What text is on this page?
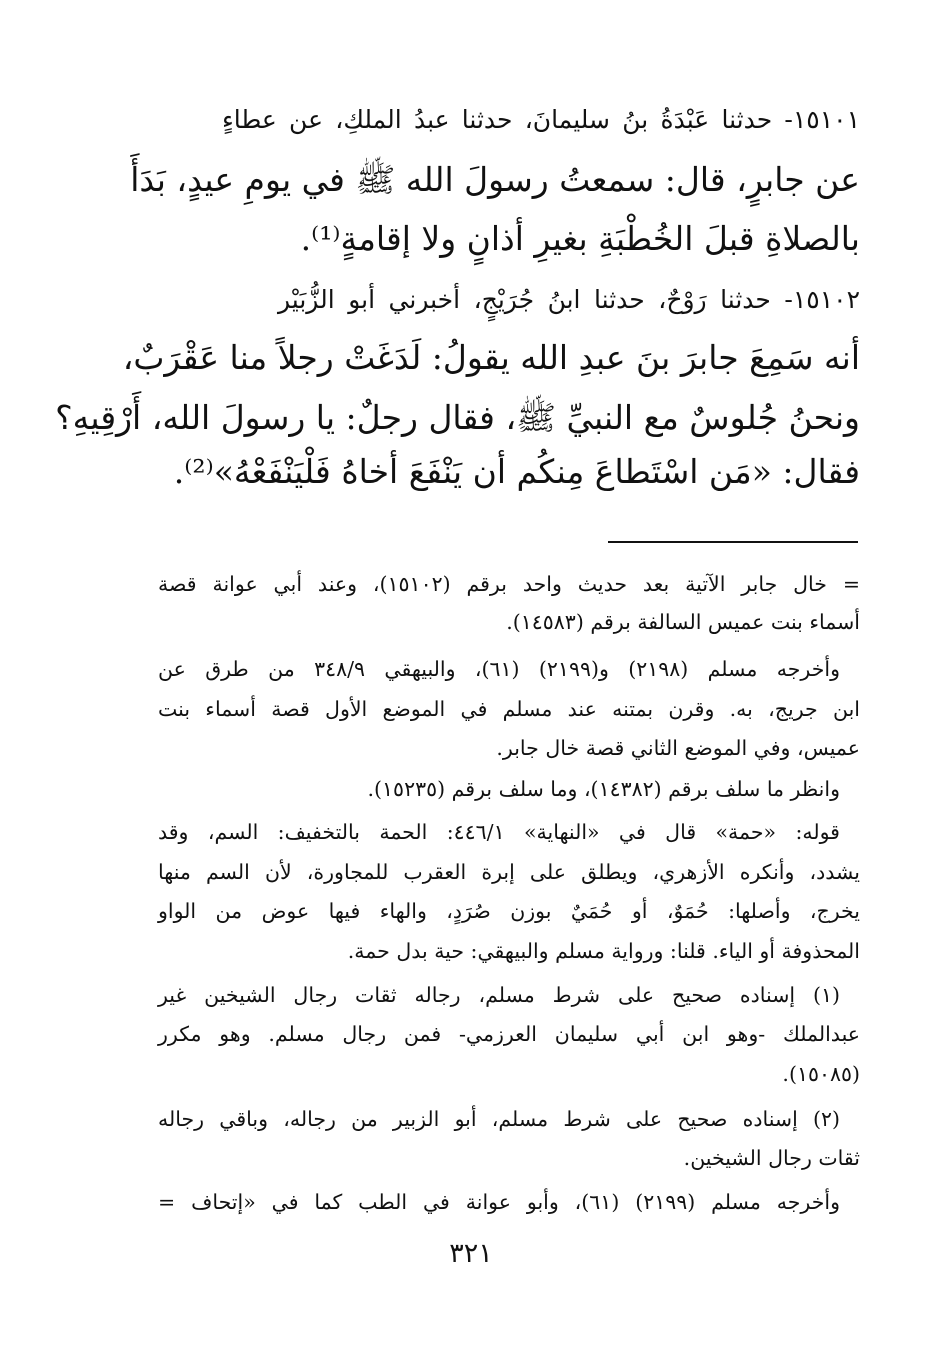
١٥١٠١- حدثنا عَبْدَةُ بنُ سليمانَ، حدثنا عبدُ الملكِ، عن عطاءٍ
عن جابرٍ، قال: سمعتُ رسولَ الله ﷺ في يومِ عيدٍ، بَدَأَ
بالصلاةِ قبلَ الخُطْبَةِ بغيرِ أذانٍ ولا إقامةٍ⁽¹⁾.
١٥١٠٢- حدثنا رَوْحٌ، حدثنا ابنُ جُرَيْجٍ، أخبرني أبو الزُّبَيْر
أنه سَمِعَ جابرَ بنَ عبدِ الله يقولُ: لَدَغَتْ رجلاً منا عَقْرَبٌ،
ونحنُ جُلوسٌ مع النبيِّ ﷺ، فقال رجلٌ: يا رسولَ الله، أَرْقِيهِ؟
فقال: «مَن اسْتَطاعَ مِنكُم أن يَنْفَعَ أخاهُ فَلْيَنْفَعْهُ»⁽²⁾.
= خال جابر الآتية بعد حديث واحد برقم (١٥١٠٢)، وعند أبي عوانة قصة
أسماء بنت عميس السالفة برقم (١٤٥٨٣).
وأخرجه مسلم (٢١٩٨) و(٢١٩٩) (٦١)، والبيهقي ٣٤٨/٩ من طرق عن
ابن جريج، به. وقرن بمتنه عند مسلم في الموضع الأول قصة أسماء بنت
عميس، وفي الموضع الثاني قصة خال جابر.
وانظر ما سلف برقم (١٤٣٨٢)، وما سلف برقم (١٥٢٣٥).
قوله: «حمة» قال في «النهاية» ٤٤٦/١: الحمة بالتخفيف: السم، وقد
يشدد، وأنكره الأزهري، ويطلق على إبرة العقرب للمجاورة، لأن السم منها
يخرج، وأصلها: حُمَوٌ، أو حُمَيٌ بوزن صُرَدٍ، والهاء فيها عوض من الواو
المحذوفة أو الياء. قلنا: ورواية مسلم والبيهقي: حية بدل حمة.
(١) إسناده صحيح على شرط مسلم، رجاله ثقات رجال الشيخين غير
عبدالملك -وهو ابن أبي سليمان العرزمي- فمن رجال مسلم. وهو مكرر
(١٥٠٨٥).
(٢) إسناده صحيح على شرط مسلم، أبو الزبير من رجاله، وباقي رجاله
ثقات رجال الشيخين.
وأخرجه مسلم (٢١٩٩) (٦١)، وأبو عوانة في الطب كما في «إتحاف =
٣٢١
